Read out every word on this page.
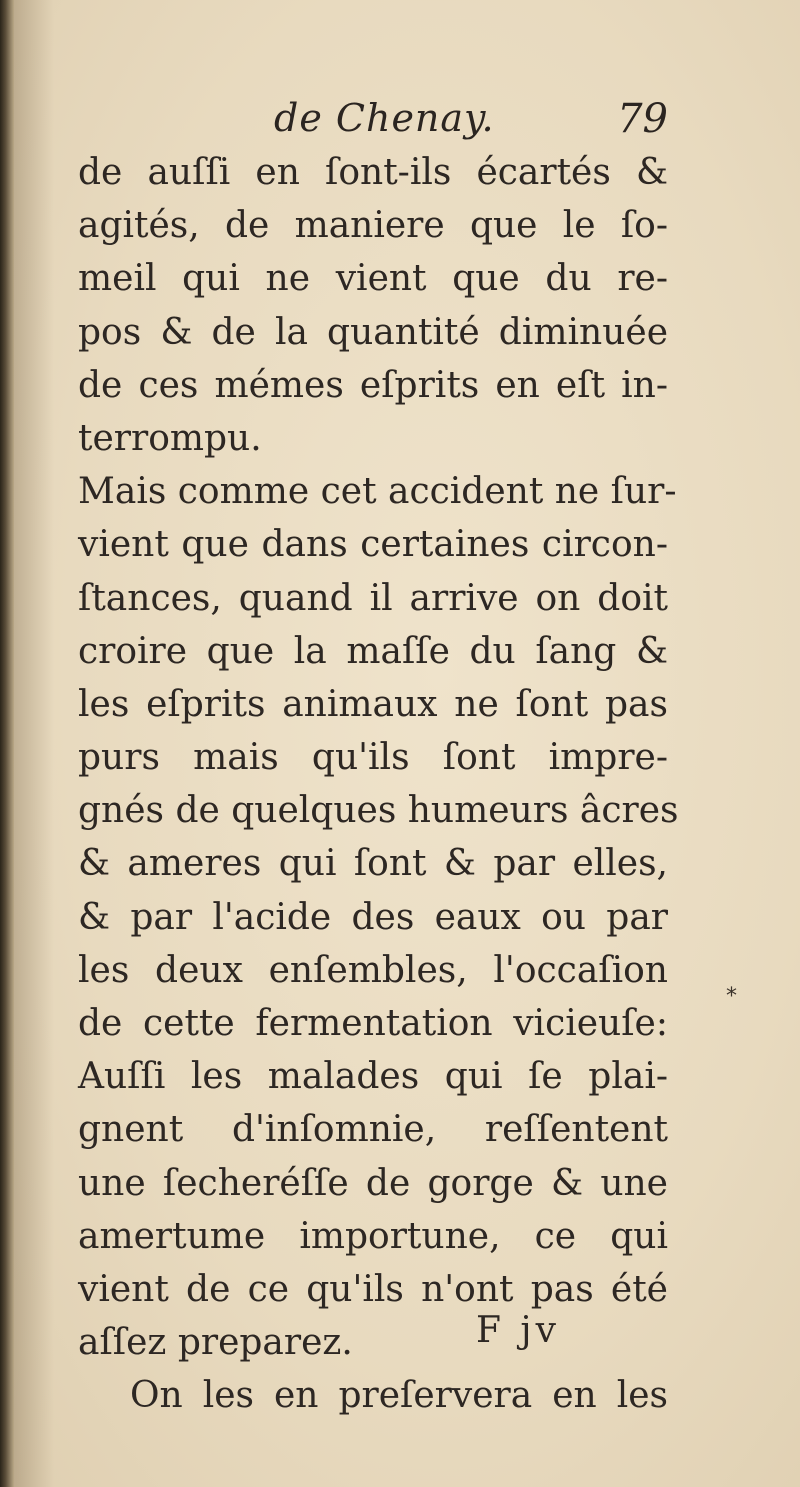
de Chenay.	79
de auſſi en ſont-ils écartés &
agités, de maniere que le ſo-
meil qui ne vient que du re-
pos & de la quantité diminuée
de ces mémes eſprits en eſt in-
terrompu.
Mais comme cet accident ne ſur-
vient que dans certaines circon-
ſtances, quand il arrive on doit
croire que la maſſe du ſang &
les eſprits animaux ne ſont pas
purs mais qu'ils ſont impre-
gnés de quelques humeurs âcres
& ameres qui ſont & par elles,
& par l'acide des eaux ou par
les deux enſembles, l'occaſion
de cette fermentation vicieuſe:
Auſſi les malades qui ſe plai-
gnent d'inſomnie, reſſentent
une ſecheréſſe de gorge & une
amertume importune, ce qui
vient de ce qu'ils n'ont pas été
aſſez preparez.
On les en preſervera en les
*
F jv
